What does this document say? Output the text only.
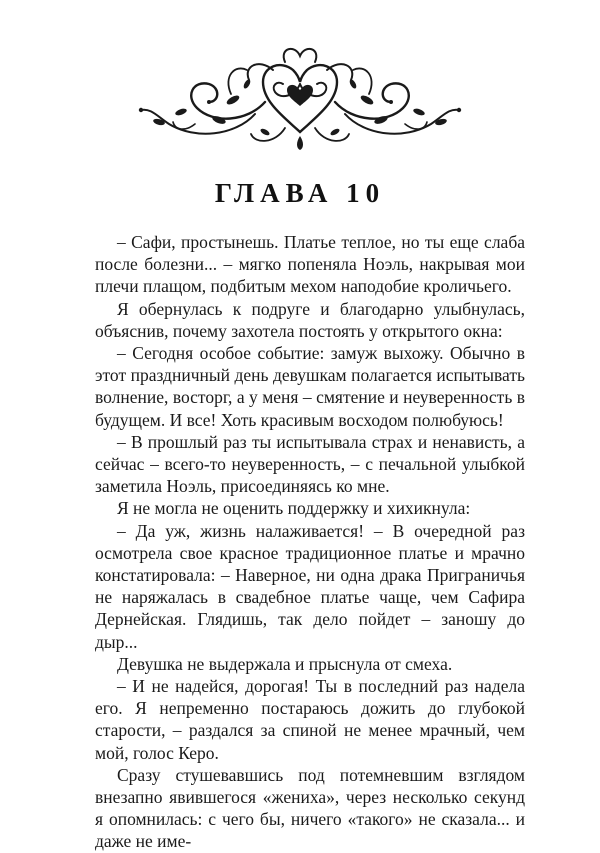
ГЛАВА 10

– Сафи, простынешь. Платье теплое, но ты еще слаба после болезни... – мягко попеняла Ноэль, накрывая мои плечи плащом, подбитым мехом наподобие кроличьего.

Я обернулась к подруге и благодарно улыбнулась, объяснив, почему захотела постоять у открытого окна:

– Сегодня особое событие: замуж выхожу. Обычно в этот праздничный день девушкам полагается испытывать волнение, восторг, а у меня – смятение и неуверенность в будущем. И все! Хоть красивым восходом полюбуюсь!

– В прошлый раз ты испытывала страх и ненависть, а сейчас – всего-то неуверенность, – с печальной улыбкой заметила Ноэль, присоединяясь ко мне.

Я не могла не оценить поддержку и хихикнула:

– Да уж, жизнь налаживается! – В очередной раз осмотрела свое красное традиционное платье и мрачно констатировала: – Наверное, ни одна драка Приграничья не наряжалась в свадебное платье чаще, чем Сафира Дернейская. Глядишь, так дело пойдет – заношу до дыр...

Девушка не выдержала и прыснула от смеха.

– И не надейся, дорогая! Ты в последний раз надела его. Я непременно постараюсь дожить до глубокой старости, – раздался за спиной не менее мрачный, чем мой, голос Керо.

Сразу стушевавшись под потемневшим взглядом внезапно явившегося «жениха», через несколько секунд я опомнилась: с чего бы, ничего «такого» не сказала... и даже не име-
